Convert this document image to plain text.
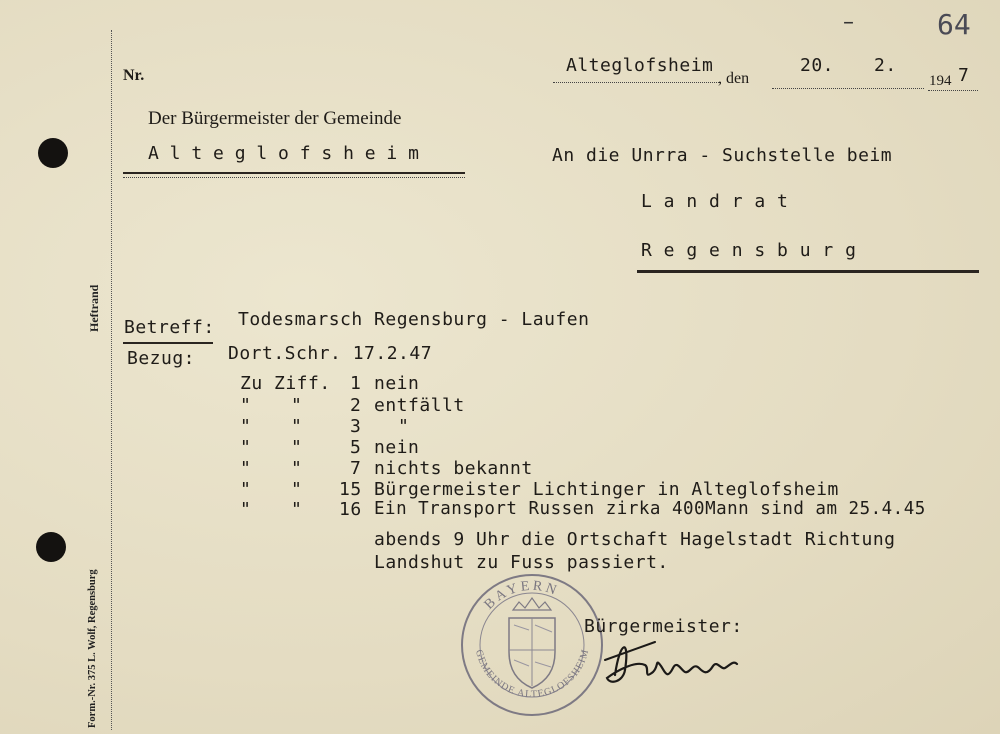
Heftrand
Form.-Nr. 375 L. Wolf, Regensburg
Nr.	Alteglofsheim
, den
20. 2.
194 7
–	64
Der Bürgermeister der Gemeinde
A l t e g l o f s h e i m	An die Unrra - Suchstelle beim
L a n d r a t
R e g e n s b u r g
Betreff: Todesmarsch Regensburg - Laufen
Bezug: Dort.Schr. 17.2.47
Zu Ziff. 1 nein
" "	2 entfällt
" "	3 "
" "	5 nein
" "	7 nichts bekannt
" " 15 Bürgermeister Lichtinger in Alteglofsheim
" " 16 Ein Transport Russen zirka 400Mann sind am 25.4.45
abends 9 Uhr die Ortschaft Hagelstadt Richtung
Landshut zu Fuss passiert.
BAYERN
GEMEINDE ALTEGLOFSHEIM
Bürgermeister:
